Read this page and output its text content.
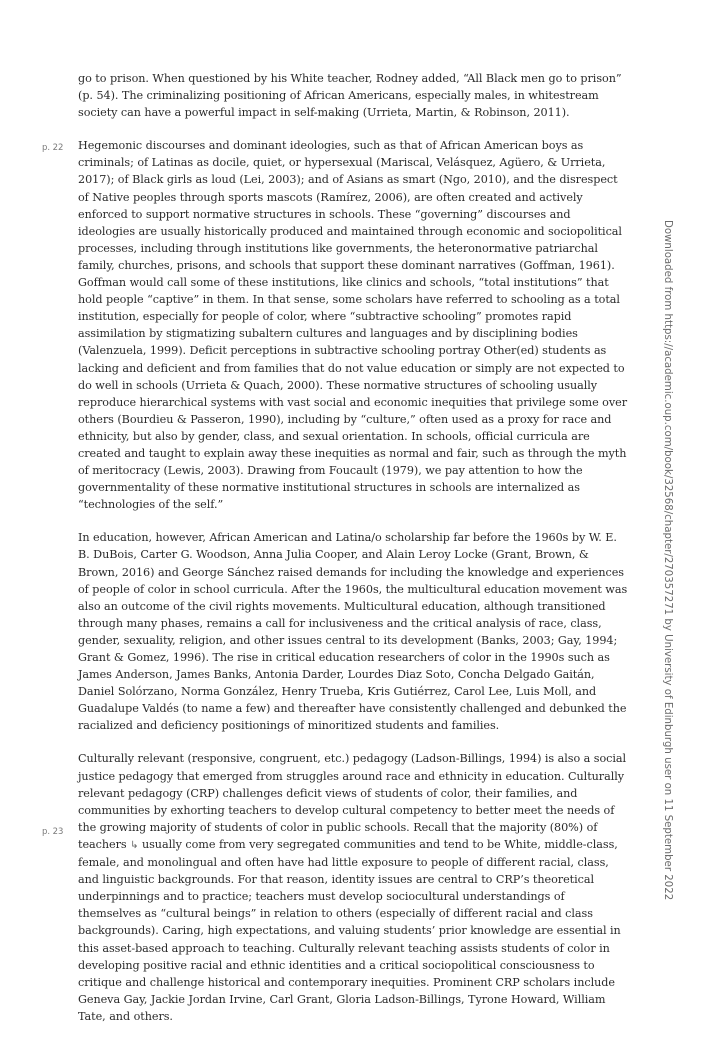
go to prison. When questioned by his White teacher, Rodney added, “All Black men go to prison” (p. 54). The criminalizing positioning of African Americans, especially males, in whitestream society can have a powerful impact in self-making (Urrieta, Martin, & Robinson, 2011).

p. 22 Hegemonic discourses and dominant ideologies, such as that of African American boys as criminals; of Latinas as docile, quiet, or hypersexual (Mariscal, Velásquez, Agüero, & Urrieta, 2017); of Black girls as loud (Lei, 2003); and of Asians as smart (Ngo, 2010), and the disrespect of Native peoples through sports mascots (Ramírez, 2006), are often created and actively enforced to support normative structures in schools. These “governing” discourses and ideologies are usually historically produced and maintained through economic and sociopolitical processes, including through institutions like governments, the heteronormative patriarchal family, churches, prisons, and schools that support these dominant narratives (Goffman, 1961). Goffman would call some of these institutions, like clinics and schools, “total institutions” that hold people “captive” in them. In that sense, some scholars have referred to schooling as a total institution, especially for people of color, where “subtractive schooling” promotes rapid assimilation by stigmatizing subaltern cultures and languages and by disciplining bodies (Valenzuela, 1999). Deficit perceptions in subtractive schooling portray Other(ed) students as lacking and deficient and from families that do not value education or simply are not expected to do well in schools (Urrieta & Quach, 2000). These normative structures of schooling usually reproduce hierarchical systems with vast social and economic inequities that privilege some over others (Bourdieu & Passeron, 1990), including by “culture,” often used as a proxy for race and ethnicity, but also by gender, class, and sexual orientation. In schools, official curricula are created and taught to explain away these inequities as normal and fair, such as through the myth of meritocracy (Lewis, 2003). Drawing from Foucault (1979), we pay attention to how the governmentality of these normative institutional structures in schools are internalized as “technologies of the self.”

In education, however, African American and Latina/o scholarship far before the 1960s by W. E. B. DuBois, Carter G. Woodson, Anna Julia Cooper, and Alain Leroy Locke (Grant, Brown, & Brown, 2016) and George Sánchez raised demands for including the knowledge and experiences of people of color in school curricula. After the 1960s, the multicultural education movement was also an outcome of the civil rights movements. Multicultural education, although transitioned through many phases, remains a call for inclusiveness and the critical analysis of race, class, gender, sexuality, religion, and other issues central to its development (Banks, 2003; Gay, 1994; Grant & Gomez, 1996). The rise in critical education researchers of color in the 1990s such as James Anderson, James Banks, Antonia Darder, Lourdes Diaz Soto, Concha Delgado Gaitán, Daniel Solórzano, Norma González, Henry Trueba, Kris Gutiérrez, Carol Lee, Luis Moll, and Guadalupe Valdés (to name a few) and thereafter have consistently challenged and debunked the racialized and deficiency positionings of minoritized students and families.

p. 23
Culturally relevant (responsive, congruent, etc.) pedagogy (Ladson-Billings, 1994) is also a social justice pedagogy that emerged from struggles around race and ethnicity in education. Culturally relevant pedagogy (CRP) challenges deficit views of students of color, their families, and communities by exhorting teachers to develop cultural competency to better meet the needs of the growing majority of students of color in public schools. Recall that the majority (80%) of teachers ↳ usually come from very segregated communities and tend to be White, middle-class, female, and monolingual and often have had little exposure to people of different racial, class, and linguistic backgrounds. For that reason, identity issues are central to CRP’s theoretical underpinnings and to practice; teachers must develop sociocultural understandings of themselves as “cultural beings” in relation to others (especially of different racial and class backgrounds). Caring, high expectations, and valuing students’ prior knowledge are essential in this asset-based approach to teaching. Culturally relevant teaching assists students of color in developing positive racial and ethnic identities and a critical sociopolitical consciousness to critique and challenge historical and contemporary inequities. Prominent CRP scholars include Geneva Gay, Jackie Jordan Irvine, Carl Grant, Gloria Ladson-Billings, Tyrone Howard, William Tate, and others.

Downloaded from https://academic.oup.com/book/32568/chapter/270357271 by University of Edinburgh user on 11 September 2022
